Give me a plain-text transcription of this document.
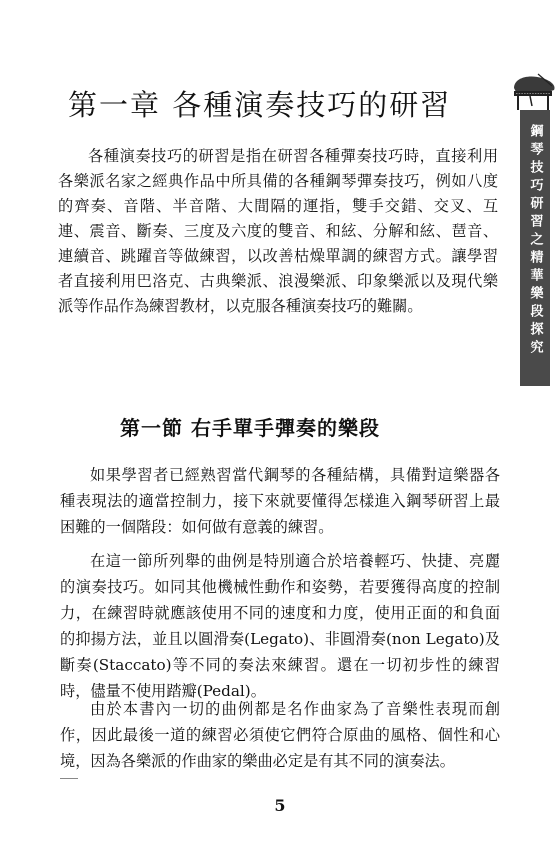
第一章 各種演奏技巧的研習
鋼琴技巧研習之精華樂段探究

各種演奏技巧的研習是指在研習各種彈奏技巧時，直接利用各樂派名家之經典作品中所具備的各種鋼琴彈奏技巧，例如八度的齊奏、音階、半音階、大間隔的運指，雙手交錯、交叉、互連、震音、斷奏、三度及六度的雙音、和絃、分解和絃、琶音、連續音、跳躍音等做練習，以改善枯燥單調的練習方式。讓學習者直接利用巴洛克、古典樂派、浪漫樂派、印象樂派以及現代樂派等作品作為練習教材，以克服各種演奏技巧的難關。

第一節 右手單手彈奏的樂段

如果學習者已經熟習當代鋼琴的各種結構，具備對這樂器各種表現法的適當控制力，接下來就要懂得怎樣進入鋼琴研習上最困難的一個階段：如何做有意義的練習。

在這一節所列舉的曲例是特別適合於培養輕巧、快捷、亮麗的演奏技巧。如同其他機械性動作和姿勢，若要獲得高度的控制力，在練習時就應該使用不同的速度和力度，使用正面的和負面的抑揚方法，並且以圓滑奏(Legato)、非圓滑奏(non Legato)及斷奏(Staccato)等不同的奏法來練習。還在一切初步性的練習時，儘量不使用踏瓣(Pedal)。

由於本書內一切的曲例都是名作曲家為了音樂性表現而創作，因此最後一道的練習必須使它們符合原曲的風格、個性和心境，因為各樂派的作曲家的樂曲必定是有其不同的演奏法。

5
